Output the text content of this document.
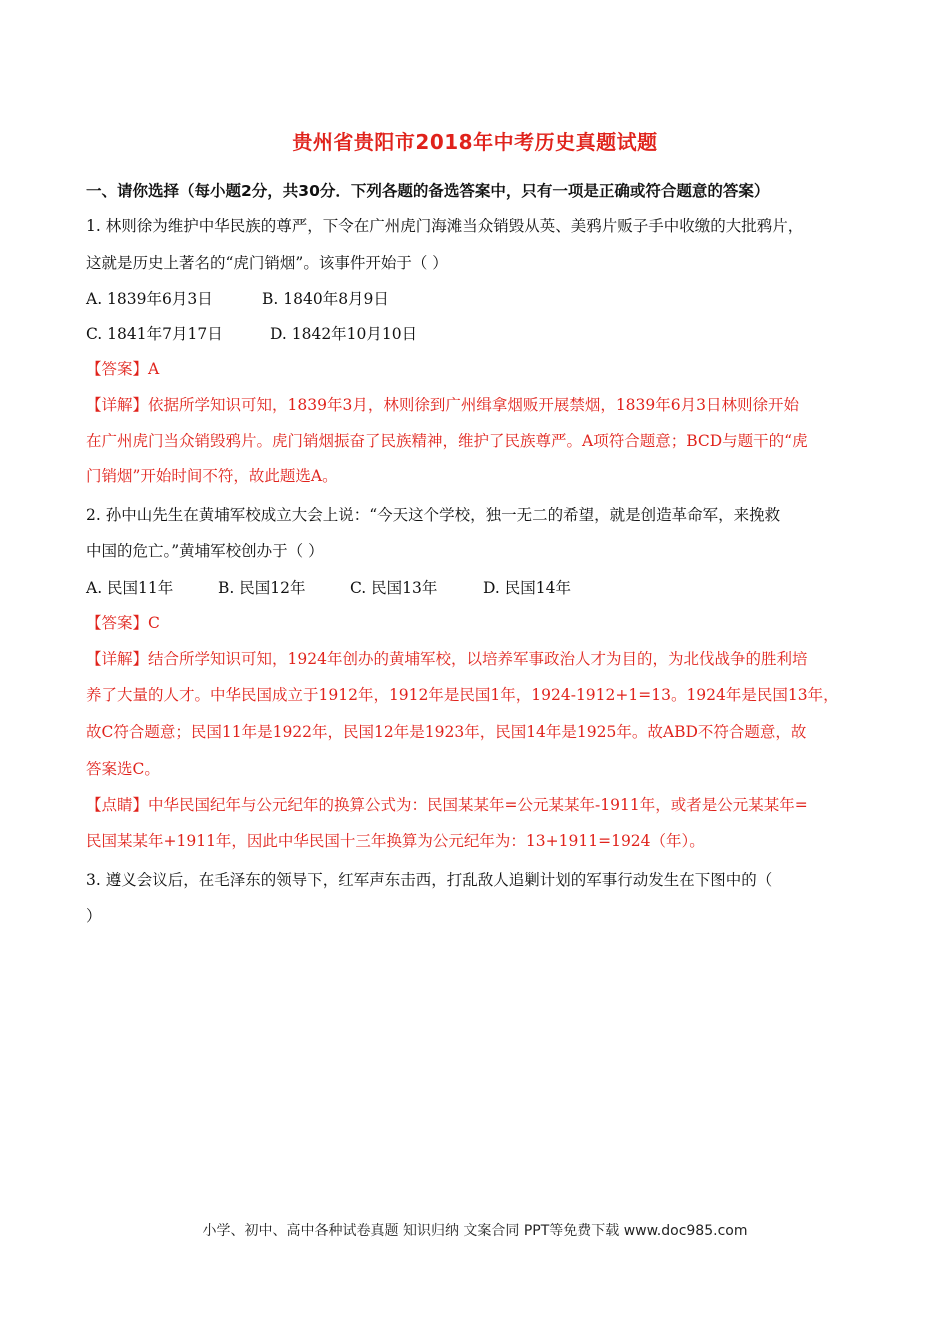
贵州省贵阳市2018年中考历史真题试题
一、请你选择（每小题2分，共30分．下列各题的备选答案中，只有一项是正确或符合题意的答案）
1. 林则徐为维护中华民族的尊严，下令在广州虎门海滩当众销毁从英、美鸦片贩子手中收缴的大批鸦片，
这就是历史上著名的“虎门销烟”。该事件开始于（ ）
A. 1839年6月3日	B. 1840年8月9日
C. 1841年7月17日	D. 1842年10月10日
【答案】A
【详解】依据所学知识可知，1839年3月，林则徐到广州缉拿烟贩开展禁烟，1839年6月3日林则徐开始
在广州虎门当众销毁鸦片。虎门销烟振奋了民族精神，维护了民族尊严。A项符合题意；BCD与题干的“虎
门销烟”开始时间不符，故此题选A。
2. 孙中山先生在黄埔军校成立大会上说：“今天这个学校，独一无二的希望，就是创造革命军，来挽救
中国的危亡。”黄埔军校创办于（ ）
A. 民国11年	B. 民国12年	C. 民国13年	D. 民国14年
【答案】C
【详解】结合所学知识可知，1924年创办的黄埔军校，以培养军事政治人才为目的，为北伐战争的胜利培
养了大量的人才。中华民国成立于1912年，1912年是民国1年，1924-1912+1=13。1924年是民国13年，
故C符合题意；民国11年是1922年，民国12年是1923年，民国14年是1925年。故ABD不符合题意，故
答案选C。
【点睛】中华民国纪年与公元纪年的换算公式为：民国某某年=公元某某年-1911年，或者是公元某某年=
民国某某年+1911年，因此中华民国十三年换算为公元纪年为：13+1911=1924（年）。
3. 遵义会议后，在毛泽东的领导下，红军声东击西，打乱敌人追剿计划的军事行动发生在下图中的（
）
小学、初中、高中各种试卷真题 知识归纳 文案合同 PPT等免费下载 www.doc985.com
